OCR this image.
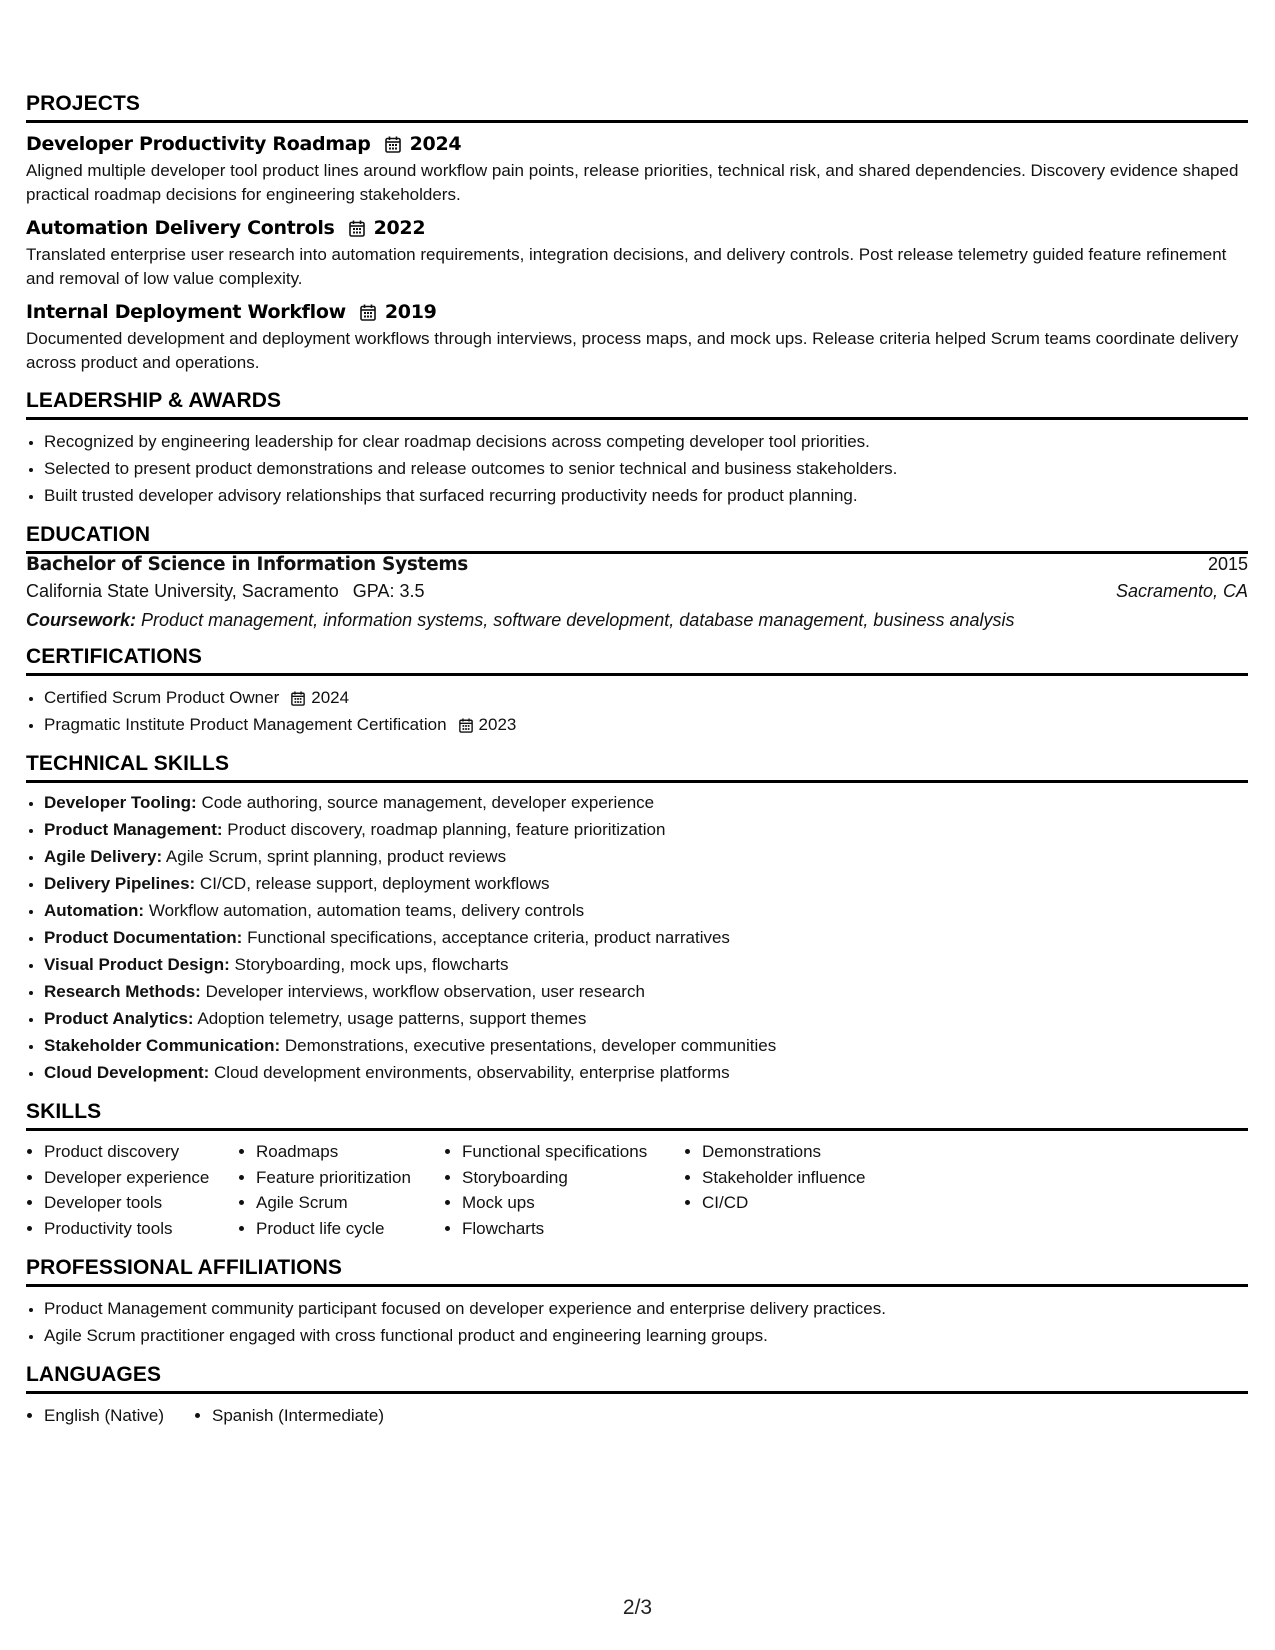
PROJECTS
Developer Productivity Roadmap 2024
Aligned multiple developer tool product lines around workflow pain points, release priorities, technical risk, and shared dependencies. Discovery evidence shaped practical roadmap decisions for engineering stakeholders.
Automation Delivery Controls 2022
Translated enterprise user research into automation requirements, integration decisions, and delivery controls. Post release telemetry guided feature refinement and removal of low value complexity.
Internal Deployment Workflow 2019
Documented development and deployment workflows through interviews, process maps, and mock ups. Release criteria helped Scrum teams coordinate delivery across product and operations.
LEADERSHIP & AWARDS
• Recognized by engineering leadership for clear roadmap decisions across competing developer tool priorities.
• Selected to present product demonstrations and release outcomes to senior technical and business stakeholders.
• Built trusted developer advisory relationships that surfaced recurring productivity needs for product planning.
EDUCATION
Bachelor of Science in Information Systems	2015
California State University, Sacramento GPA: 3.5	Sacramento, CA
Coursework: Product management, information systems, software development, database management, business analysis
CERTIFICATIONS
• Certified Scrum Product Owner 2024
• Pragmatic Institute Product Management Certification 2023
TECHNICAL SKILLS
• Developer Tooling: Code authoring, source management, developer experience
• Product Management: Product discovery, roadmap planning, feature prioritization
• Agile Delivery: Agile Scrum, sprint planning, product reviews
• Delivery Pipelines: CI/CD, release support, deployment workflows
• Automation: Workflow automation, automation teams, delivery controls
• Product Documentation: Functional specifications, acceptance criteria, product narratives
• Visual Product Design: Storyboarding, mock ups, flowcharts
• Research Methods: Developer interviews, workflow observation, user research
• Product Analytics: Adoption telemetry, usage patterns, support themes
• Stakeholder Communication: Demonstrations, executive presentations, developer communities
• Cloud Development: Cloud development environments, observability, enterprise platforms
SKILLS
• Product discovery
• Developer experience
• Developer tools
• Productivity tools
• Roadmaps
• Feature prioritization
• Agile Scrum
• Product life cycle
• Functional specifications
• Storyboarding
• Mock ups
• Flowcharts
• Demonstrations
• Stakeholder influence
• CI/CD
PROFESSIONAL AFFILIATIONS
• Product Management community participant focused on developer experience and enterprise delivery practices.
• Agile Scrum practitioner engaged with cross functional product and engineering learning groups.
LANGUAGES
• English (Native)
•	Spanish (Intermediate)
2/3
